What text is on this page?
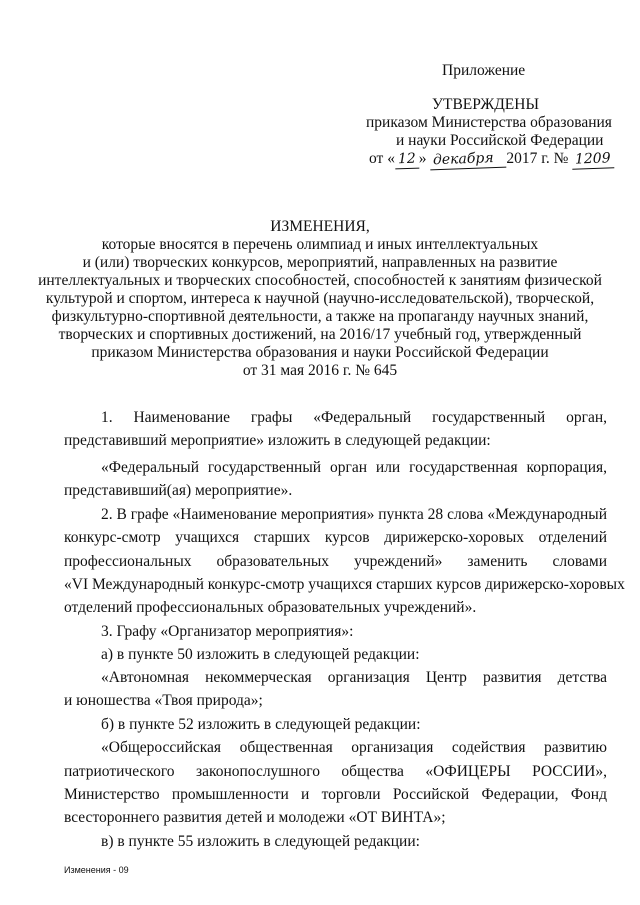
Приложение
УТВЕРЖДЕНЫ
приказом Министерства образования
и науки Российской Федерации
от « 12 » декабря 2017 г. № 1209
ИЗМЕНЕНИЯ,
которые вносятся в перечень олимпиад и иных интеллектуальных
и (или) творческих конкурсов, мероприятий, направленных на развитие
интеллектуальных и творческих способностей, способностей к занятиям физической
культурой и спортом, интереса к научной (научно-исследовательской), творческой,
физкультурно-спортивной деятельности, а также на пропаганду научных знаний,
творческих и спортивных достижений, на 2016/17 учебный год, утвержденный
приказом Министерства образования и науки Российской Федерации
от 31 мая 2016 г. № 645
1. Наименование графы «Федеральный государственный орган,
представивший мероприятие» изложить в следующей редакции:
«Федеральный государственный орган или государственная корпорация,
представивший(ая) мероприятие».
2. В графе «Наименование мероприятия» пункта 28 слова «Международный
конкурс-смотр учащихся старших курсов дирижерско-хоровых отделений
профессиональных образовательных учреждений» заменить словами
«VI Международный конкурс-смотр учащихся старших курсов дирижерско-хоровых
отделений профессиональных образовательных учреждений».
3. Графу «Организатор мероприятия»:
а) в пункте 50 изложить в следующей редакции:
«Автономная некоммерческая организация Центр развития детства
и юношества «Твоя природа»;
б) в пункте 52 изложить в следующей редакции:
«Общероссийская общественная организация содействия развитию
патриотического законопослушного общества «ОФИЦЕРЫ РОССИИ»,
Министерство промышленности и торговли Российской Федерации, Фонд
всестороннего развития детей и молодежи «ОТ ВИНТА»;
в) в пункте 55 изложить в следующей редакции:
Изменения - 09
